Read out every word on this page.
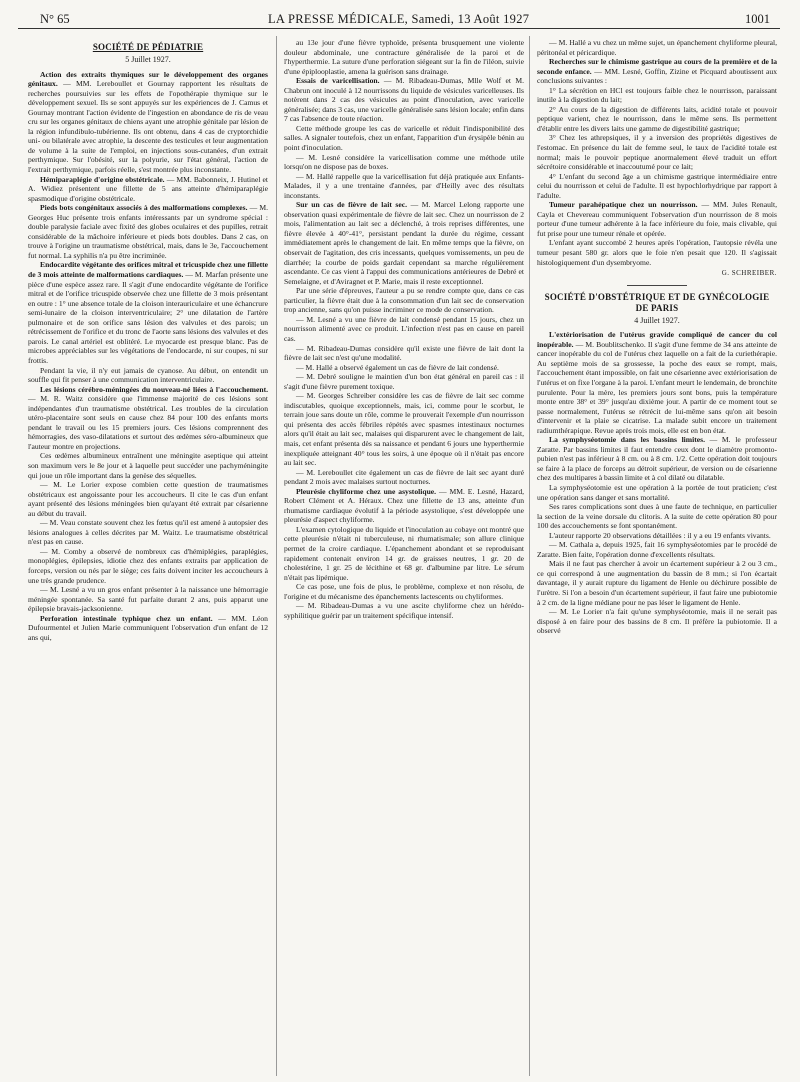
N° 65	LA PRESSE MÉDICALE, Samedi, 13 Août 1927	1001
SOCIÉTÉ DE PÉDIATRIE
5 Juillet 1927.

Action des extraits thymiques sur le développement des organes génitaux. — MM. Lereboullet et Gournay rapportent les résultats de recherches poursuivies sur les effets de l'opothérapie thymique sur le développement sexuel. Ils se sont appuyés sur les expériences de J. Camus et Gournay montrant l'action évidente de l'ingestion en abondance de ris de veau cru sur les organes génitaux de chiens ayant une atrophie génitale par lésion de la région infundibulo-tubérienne. Ils ont obtenu, dans 4 cas de cryptorchidie uni- ou bilatérale avec atrophie, la descente des testicules et leur augmentation de volume à la suite de l'emploi, en injections sous-cutanées, d'un extrait perthymique. Sur l'obésité, sur la polyurie, sur l'état général, l'action de l'extrait perthymique, parfois réelle, s'est montrée plus inconstante.

Hémiparaplégie d'origine obstétricale. — MM. Babonneix, J. Hutinel et A. Widiez présentent une fillette de 5 ans atteinte d'hémiparaplégie spasmodique d'origine obstétricale.

Pieds bots congénitaux associés à des malformations complexes. — M. Georges Huc présente trois enfants intéressants par un syndrome spécial : double paralysie faciale avec fixité des globes oculaires et des pupilles, retrait considérable de la mâchoire inférieure et pieds bots doubles. Dans 2 cas, on trouve à l'origine un traumatisme obstétrical, mais, dans le 3e, l'accouchement fut normal. La syphilis n'a pu être incriminée.

Endocardite végétante des orifices mitral et tricuspide chez une fillette de 3 mois atteinte de malformations cardiaques. — M. Marfan présente une pièce d'une espèce assez rare. Il s'agit d'une endocardite végétante de l'orifice mitral et de l'orifice tricuspide observée chez une fillette de 3 mois présentant en outre : 1° une absence totale de la cloison interauriculaire et une échancrure semi-lunaire de la cloison interventriculaire; 2° une dilatation de l'artère pulmonaire et de son orifice sans lésion des valvules et des parois; un rétrécissement de l'orifice et du tronc de l'aorte sans lésions des valvules et des parois. Le canal artériel est oblitéré. Le myocarde est presque blanc. Pas de microbes appréciables sur les végétations de l'endocarde, ni sur coupes, ni sur frottis.

Pendant la vie, il n'y eut jamais de cyanose. Au début, on entendit un souffle qui fit penser à une communication interventriculaire.

Les lésions cérébro-méningées du nouveau-né liées à l'accouchement. — M. R. Waitz considère que l'immense majorité de ces lésions sont indépendantes d'un traumatisme obstétrical. Les troubles de la circulation utéro-placentaire sont seuls en cause chez 84 pour 100 des enfants morts pendant le travail ou les 15 premiers jours. Ces lésions comprennent des hémorragies, des vaso-dilatations et surtout des œdèmes séro-albumineux que l'auteur montre en projections.

Ces œdèmes albumineux entraînent une méningite aseptique qui atteint son maximum vers le 8e jour et à laquelle peut succéder une pachyméningite qui joue un rôle important dans la genèse des séquelles.

— M. Le Lorier expose combien cette question de traumatismes obstétricaux est angoissante pour les accoucheurs. Il cite le cas d'un enfant ayant présenté des lésions méningées bien qu'ayant été extrait par césarienne au début du travail.

— M. Veau constate souvent chez les fœtus qu'il est amené à autopsier des lésions analogues à celles décrites par M. Waitz. Le traumatisme obstétrical n'est pas en cause.

— M. Comby a observé de nombreux cas d'hémiplégies, paraplégies, monoplégies, épilepsies, idiotie chez des enfants extraits par application de forceps, version ou nés par le siège; ces faits doivent inciter les accoucheurs à une très grande prudence.

— M. Lesné a vu un gros enfant présenter à la naissance une hémorragie méningée spontanée. Sa santé fut parfaite durant 2 ans, puis apparut une épilepsie bravais-jacksonienne.

Perforation intestinale typhique chez un enfant. — MM. Léon Dufourmentel et Julien Marie communiquent l'observation d'un enfant de 12 ans qui,

au 13e jour d'une fièvre typhoïde, présenta brusquement une violente douleur abdominale, une contracture généralisée de la paroi et de l'hyperthermie. La suture d'une perforation siégeant sur la fin de l'iléon, suivie d'une épiplooplastie, amena la guérison sans drainage.

Essais de varicellisation. — M. Ribadeau-Dumas, Mlle Wolf et M. Chabrun ont inoculé à 12 nourrissons du liquide de vésicules varicelleuses. Ils notèrent dans 2 cas des vésicules au point d'inoculation, avec varicelle généralisée; dans 3 cas, une varicelle généralisée sans lésion locale; enfin dans 7 cas l'absence de toute réaction.

Cette méthode groupe les cas de varicelle et réduit l'indisponibilité des salles. A signaler toutefois, chez un enfant, l'apparition d'un érysipèle bénin au point d'inoculation.

— M. Lesné considère la varicellisation comme une méthode utile lorsqu'on ne dispose pas de boxes.

— M. Hallé rappelle que la varicellisation fut déjà pratiquée aux Enfants-Malades, il y a une trentaine d'années, par d'Heilly avec des résultats inconstants.

Sur un cas de fièvre de lait sec. — M. Marcel Lelong rapporte une observation quasi expérimentale de fièvre de lait sec. Chez un nourrisson de 2 mois, l'alimentation au lait sec a déclenché, à trois reprises différentes, une fièvre élevée à 40°-41°, persistant pendant la durée du régime, cessant immédiatement après le changement de lait. En même temps que la fièvre, on observait de l'agitation, des cris incessants, quelques vomissements, un peu de diarrhée; la courbe de poids gardait cependant sa marche régulièrement ascendante. Ce cas vient à l'appui des communications antérieures de Debré et Semelaigne, et d'Aviragnet et P. Marie, mais il reste exceptionnel.

Par une série d'épreuves, l'auteur a pu se rendre compte que, dans ce cas particulier, la fièvre était due à la consommation d'un lait sec de conservation trop ancienne, sans qu'on puisse incriminer ce mode de conservation.

— M. Lesné a vu une fièvre de lait condensé pendant 15 jours, chez un nourrisson alimenté avec ce produit. L'infection n'est pas en cause en pareil cas.

— M. Ribadeau-Dumas considère qu'il existe une fièvre de lait dont la fièvre de lait sec n'est qu'une modalité.

— M. Hallé a observé également un cas de fièvre de lait condensé.

— M. Debré souligne le maintien d'un bon état général en pareil cas : il s'agit d'une fièvre purement toxique.

— M. Georges Schreiber considère les cas de fièvre de lait sec comme indiscutables, quoique exceptionnels, mais, ici, comme pour le scorbut, le terrain joue sans doute un rôle, comme le prouverait l'exemple d'un nourrisson qui présenta des accès fébriles répétés avec spasmes intestinaux nocturnes alors qu'il était au lait sec, malaises qui disparurent avec le changement de lait, mais, cet enfant présenta dès sa naissance et pendant 6 jours une hyperthermie inexpliquée atteignant 40° tous les soirs, à une époque où il n'était pas encore au lait sec.

— M. Lereboullet cite également un cas de fièvre de lait sec ayant duré pendant 2 mois avec malaises surtout nocturnes.

Pleurésie chyliforme chez une asystolique. — MM. E. Lesné, Hazard, Robert Clément et A. Héraux. Chez une fillette de 13 ans, atteinte d'un rhumatisme cardiaque évolutif à la période asystolique, s'est développée une pleurésie d'aspect chyliforme.

L'examen cytologique du liquide et l'inoculation au cobaye ont montré que cette pleurésie n'était ni tuberculeuse, ni rhumatismale; son allure clinique permet de la croire cardiaque. L'épanchement abondant et se reproduisant rapidement contenait environ 14 gr. de graisses neutres, 1 gr. 20 de cholestérine, 1 gr. 25 de lécithine et 68 gr. d'albumine par litre. Le sérum n'était pas lipémique.

Ce cas pose, une fois de plus, le problème, complexe et non résolu, de l'origine et du mécanisme des épanchements lactescents ou chyliformes.

— M. Ribadeau-Dumas a vu une ascite chyliforme chez un hérédo-syphilitique guérir par un traitement spécifique intensif.

— M. Hallé a vu chez un même sujet, un épanchement chyliforme pleural, péritonéal et péricardique.

Recherches sur le chimisme gastrique au cours de la première et de la seconde enfance. — MM. Lesné, Goffin, Zizine et Picquard aboutissent aux conclusions suivantes :

1° La sécrétion en HCl est toujours faible chez le nourrisson, paraissant inutile à la digestion du lait;

2° Au cours de la digestion de différents laits, acidité totale et pouvoir peptique varient, chez le nourrisson, dans le même sens. Ils permettent d'établir entre les divers laits une gamme de digestibilité gastrique;

3° Chez les athrepsiques, il y a inversion des propriétés digestives de l'estomac. En présence du lait de femme seul, le taux de l'acidité totale est normal; mais le pouvoir peptique anormalement élevé traduit un effort sécrétoire considérable et inaccoutumé pour ce lait;

4° L'enfant du second âge a un chimisme gastrique intermédiaire entre celui du nourrisson et celui de l'adulte. Il est hypochlorhydrique par rapport à l'adulte.

Tumeur parahépatique chez un nourrisson. — MM. Jules Renault, Cayla et Chevereau communiquent l'observation d'un nourrisson de 8 mois porteur d'une tumeur adhérente à la face inférieure du foie, mais clivable, qui fut prise pour une tumeur rénale et opérée.

L'enfant ayant succombé 2 heures après l'opération, l'autopsie révéla une tumeur pesant 580 gr. alors que le foie n'en pesait que 120. Il s'agissait histologiquement d'un dysembryome.

G. SCHREIBER.
SOCIÉTÉ D'OBSTÉTRIQUE ET DE GYNÉCOLOGIE DE PARIS
4 Juillet 1927.

L'extériorisation de l'utérus gravide compliqué de cancer du col inopérable. — M. Boublitschenko. Il s'agit d'une femme de 34 ans atteinte de cancer inopérable du col de l'utérus chez laquelle on a fait de la curiethérapie. Au septième mois de sa grossesse, la poche des eaux se rompt, mais, l'accouchement étant impossible, on fait une césarienne avec extériorisation de l'utérus et on fixe l'organe à la paroi. L'enfant meurt le lendemain, de bronchite purulente. Pour la mère, les premiers jours sont bons, puis la température monte entre 38° et 39° jusqu'au dixième jour. A partir de ce moment tout se passe normalement, l'utérus se rétrécit de lui-même sans qu'on ait besoin d'intervenir et la plaie se cicatrise. La malade subit encore un traitement radiumthérapique. Revue après trois mois, elle est en bon état.

La symphyséotomie dans les bassins limites. — M. le professeur Zaratte. Par bassins limites il faut entendre ceux dont le diamètre promonto-pubien n'est pas inférieur à 8 cm. ou à 8 cm. 1/2. Cette opération doit toujours se faire à la place de forceps au détroit supérieur, de version ou de césarienne chez des multipares à bassin limite et à col dilaté ou dilatable.

La symphyséotomie est une opération à la portée de tout praticien; c'est une opération sans danger et sans mortalité.

Ses rares complications sont dues à une faute de technique, en particulier la section de la veine dorsale du clitoris. A la suite de cette opération 80 pour 100 des accouchements se font spontanément.

L'auteur rapporte 20 observations détaillées : il y a eu 19 enfants vivants.

— M. Cathala a, depuis 1925, fait 16 symphyséotomies par le procédé de Zaratte. Bien faite, l'opération donne d'excellents résultats.

Mais il ne faut pas chercher à avoir un écartement supérieur à 2 ou 3 cm., ce qui correspond à une augmentation du bassin de 8 mm.; si l'on écartait davantage, il y aurait rupture du ligament de Henle ou déchirure possible de l'urètre. Si l'on a besoin d'un écartement supérieur, il faut faire une pubiotomie à 2 cm. de la ligne médiane pour ne pas léser le ligament de Henle.

— M. Le Lorier n'a fait qu'une symphyséotomie, mais il ne serait pas disposé à en faire pour des bassins de 8 cm. Il préfère la pubiotomie. Il a observé
